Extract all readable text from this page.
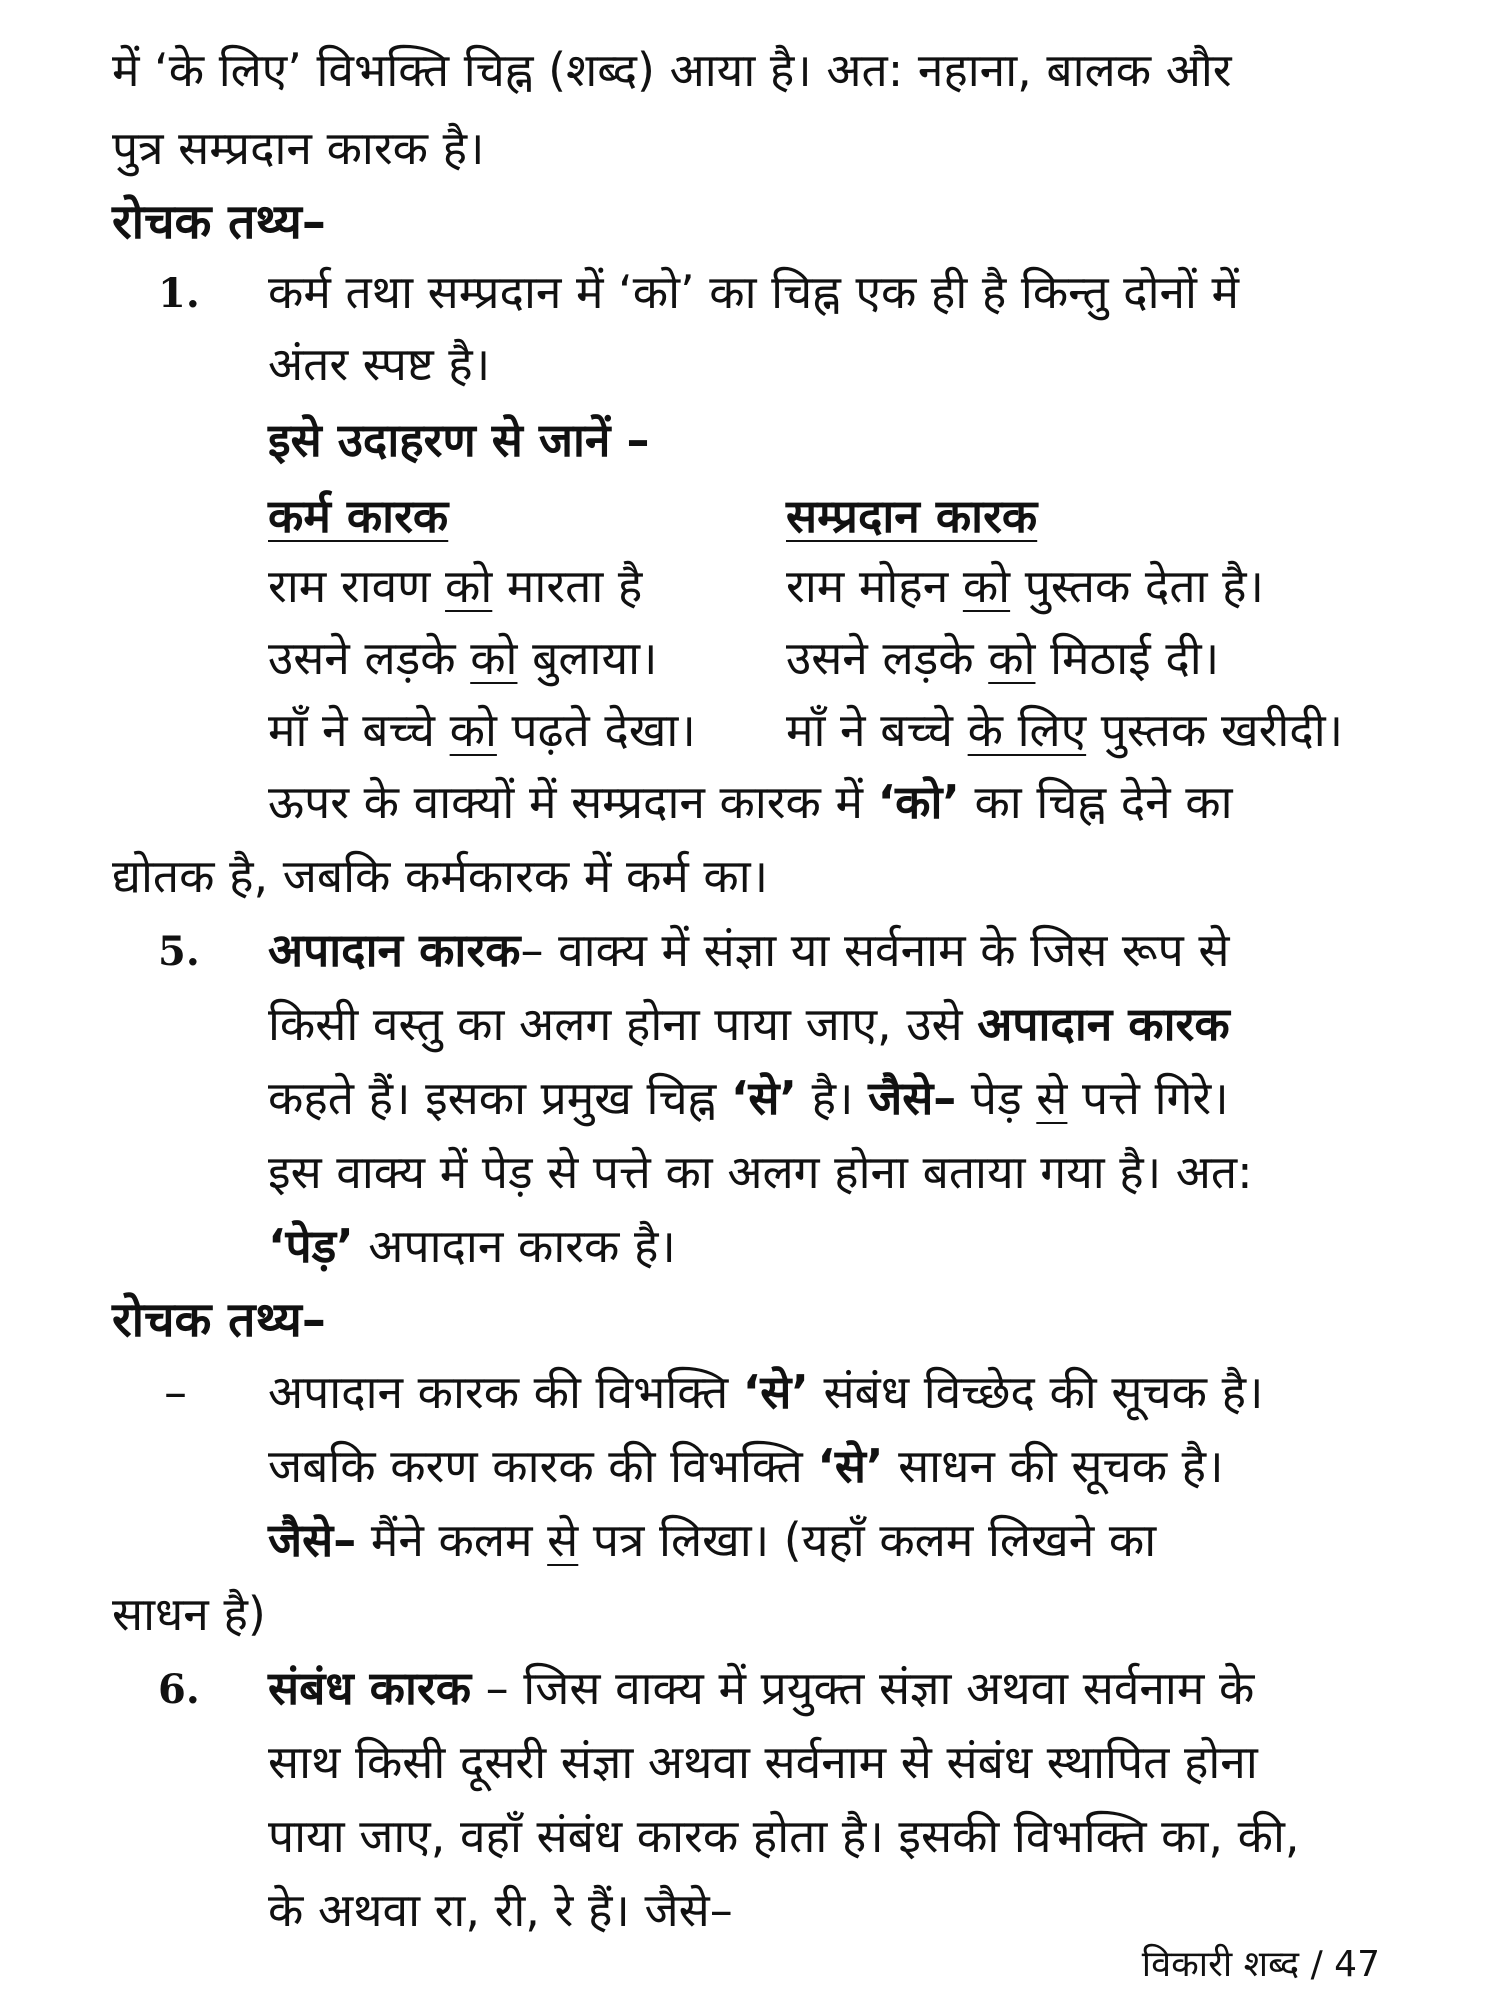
में ‘के लिए’ विभक्ति चिह्न (शब्द) आया है। अत: नहाना, बालक और
पुत्र सम्प्रदान कारक है।
रोचक तथ्य–
1. कर्म तथा सम्प्रदान में ‘को’ का चिह्न एक ही है किन्तु दोनों में
अंतर स्पष्ट है।
इसे उदाहरण से जानें –
कर्म कारक	सम्प्रदान कारक
राम रावण को मारता है
उसने लड़के को बुलाया।
माँ ने बच्चे को पढ़ते देखा।
राम मोहन को पुस्तक देता है।
उसने लड़के को मिठाई दी।
माँ ने बच्चे के लिए पुस्तक खरीदी।
ऊपर के वाक्यों में सम्प्रदान कारक में ‘को’ का चिह्न देने का
द्योतक है, जबकि कर्मकारक में कर्म का।
5. अपादान कारक– वाक्य में संज्ञा या सर्वनाम के जिस रूप से
किसी वस्तु का अलग होना पाया जाए, उसे अपादान कारक
कहते हैं। इसका प्रमुख चिह्न ‘से’ है। जैसे– पेड़ से पत्ते गिरे।
इस वाक्य में पेड़ से पत्ते का अलग होना बताया गया है। अत:
‘पेड़’ अपादान कारक है।
रोचक तथ्य–
– अपादान कारक की विभक्ति ‘से’ संबंध विच्छेद की सूचक है।
जबकि करण कारक की विभक्ति ‘से’ साधन की सूचक है।
जैसे– मैंने कलम से पत्र लिखा। (यहाँ कलम लिखने का
साधन है)
6. संबंध कारक – जिस वाक्य में प्रयुक्त संज्ञा अथवा सर्वनाम के
साथ किसी दूसरी संज्ञा अथवा सर्वनाम से संबंध स्थापित होना
पाया जाए, वहाँ संबंध कारक होता है। इसकी विभक्ति का, की,
के अथवा रा, री, रे हैं। जैसे–
विकारी शब्द / 47
